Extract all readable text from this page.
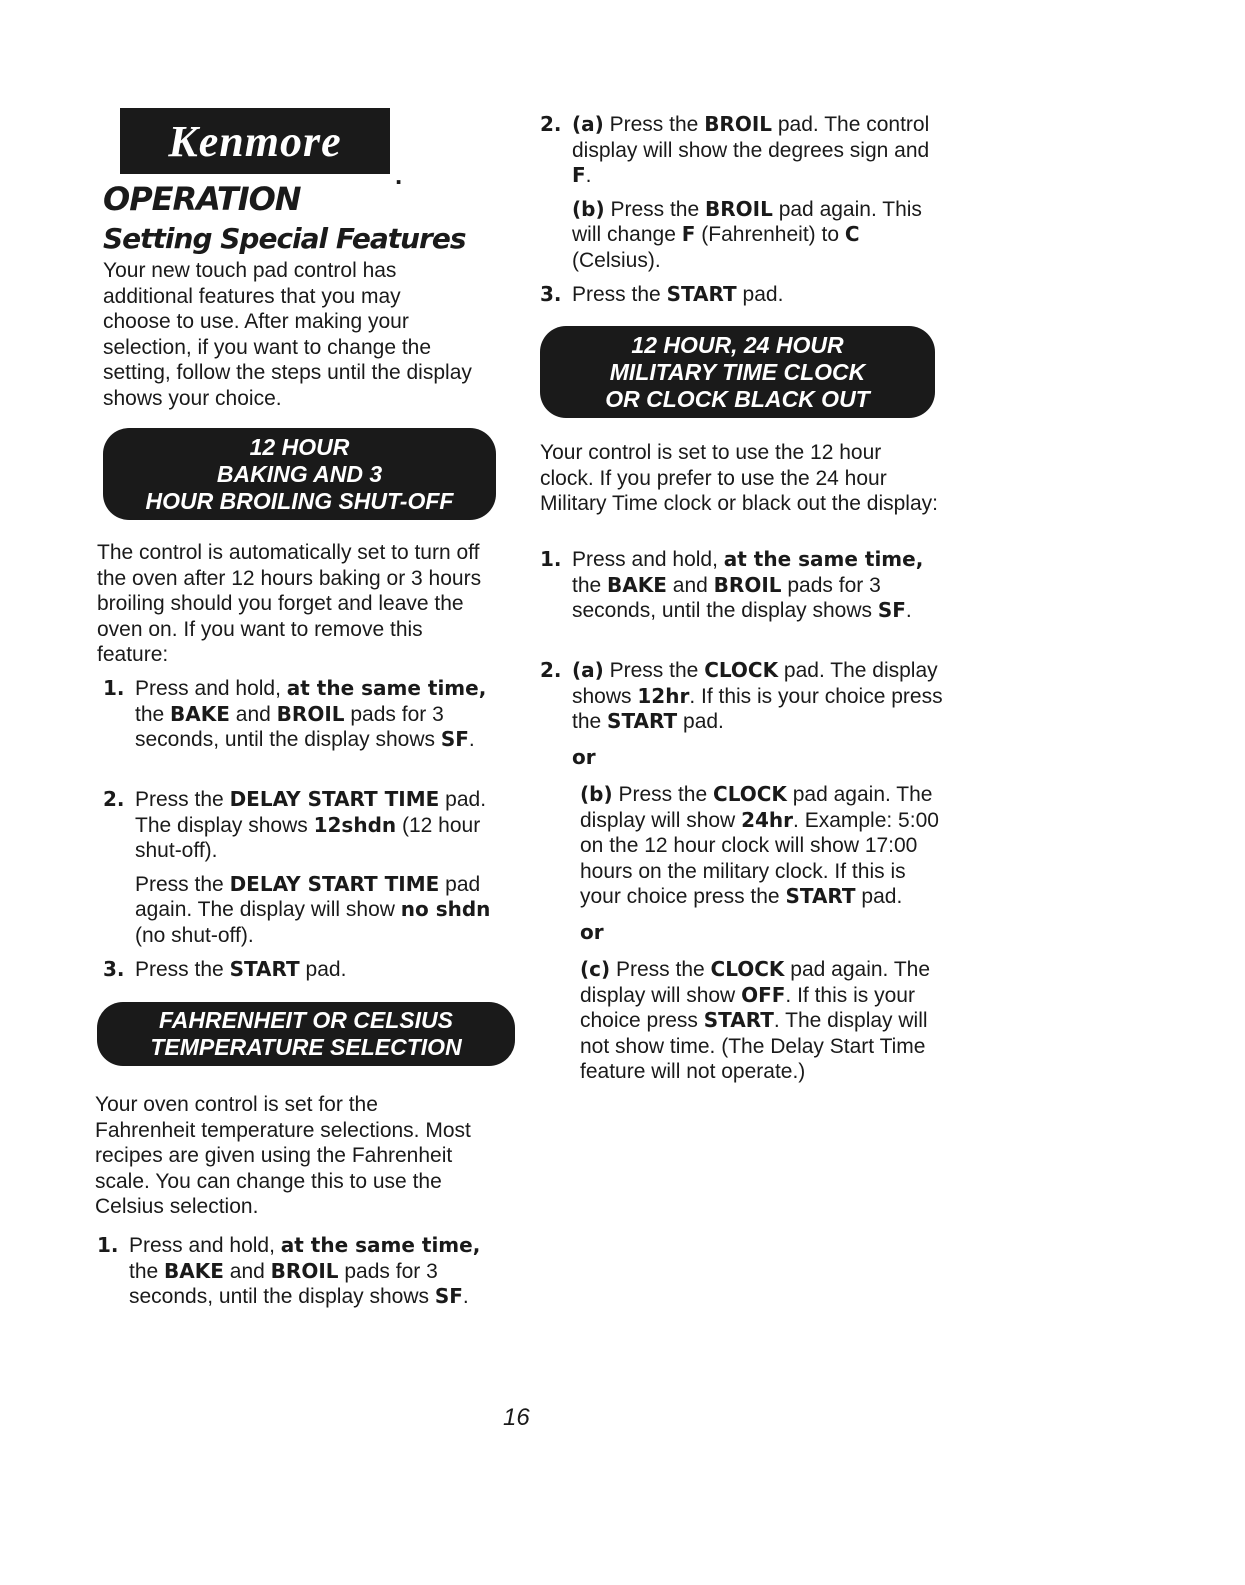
Kenmore
.
OPERATION
Setting Special Features

Your new touch pad control has additional features that you may choose to use. After making your selection, if you want to change the setting, follow the steps until the display shows your choice.

12 HOUR
BAKING AND 3
HOUR BROILING SHUT-OFF

The control is automatically set to turn off the oven after 12 hours baking or 3 hours broiling should you forget and leave the oven on. If you want to remove this feature:

1. Press and hold, at the same time, the BAKE and BROIL pads for 3 seconds, until the display shows SF.
2. Press the DELAY START TIME pad. The display shows 12shdn (12 hour shut-off).
Press the DELAY START TIME pad again. The display will show no shdn (no shut-off).
3. Press the START pad.
FAHRENHEIT OR CELSIUS
TEMPERATURE SELECTION

Your oven control is set for the Fahrenheit temperature selections. Most recipes are given using the Fahrenheit scale. You can change this to use the Celsius selection.

1. Press and hold, at the same time, the BAKE and BROIL pads for 3 seconds, until the display shows SF.
2. (a) Press the BROIL pad. The control display will show the degrees sign and F.
(b) Press the BROIL pad again. This will change F (Fahrenheit) to C (Celsius).
3. Press the START pad.
12 HOUR, 24 HOUR
MILITARY TIME CLOCK
OR CLOCK BLACK OUT

Your control is set to use the 12 hour clock. If you prefer to use the 24 hour Military Time clock or black out the display:

1. Press and hold, at the same time, the BAKE and BROIL pads for 3 seconds, until the display shows SF.
2. (a) Press the CLOCK pad. The display shows 12hr. If this is your choice press the START pad.
or
(b) Press the CLOCK pad again. The display will show 24hr. Example: 5:00 on the 12 hour clock will show 17:00 hours on the military clock. If this is your choice press the START pad.
or
(c) Press the CLOCK pad again. The display will show OFF. If this is your choice press START. The display will not show time. (The Delay Start Time feature will not operate.)
16
